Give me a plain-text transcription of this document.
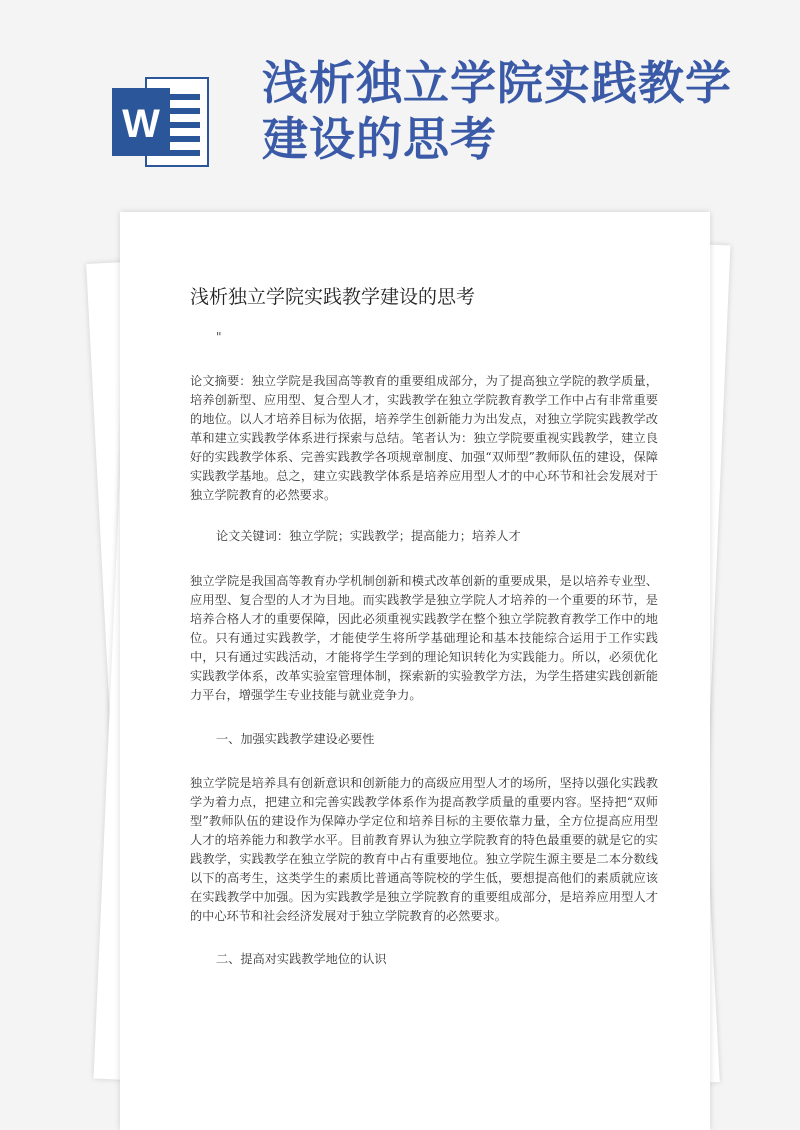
W
浅析独立学院实践教学
建设的思考
浅析独立学院实践教学建设的思考
"

论文摘要：独立学院是我国高等教育的重要组成部分，为了提高独立学院的教学质量，培养创新型、应用型、复合型人才，实践教学在独立学院教育教学工作中占有非常重要的地位。以人才培养目标为依据，培养学生创新能力为出发点，对独立学院实践教学改革和建立实践教学体系进行探索与总结。笔者认为：独立学院要重视实践教学，建立良好的实践教学体系、完善实践教学各项规章制度、加强“双师型”教师队伍的建设，保障实践教学基地。总之，建立实践教学体系是培养应用型人才的中心环节和社会发展对于独立学院教育的必然要求。

论文关键词：独立学院；实践教学；提高能力；培养人才

独立学院是我国高等教育办学机制创新和模式改革创新的重要成果，是以培养专业型、应用型、复合型的人才为目地。而实践教学是独立学院人才培养的一个重要的环节，是培养合格人才的重要保障，因此必须重视实践教学在整个独立学院教育教学工作中的地位。只有通过实践教学，才能使学生将所学基础理论和基本技能综合运用于工作实践中，只有通过实践活动，才能将学生学到的理论知识转化为实践能力。所以，必须优化实践教学体系，改革实验室管理体制，探索新的实验教学方法，为学生搭建实践创新能力平台，增强学生专业技能与就业竞争力。

一、加强实践教学建设必要性

独立学院是培养具有创新意识和创新能力的高级应用型人才的场所，坚持以强化实践教学为着力点，把建立和完善实践教学体系作为提高教学质量的重要内容。坚持把“双师型”教师队伍的建设作为保障办学定位和培养目标的主要依靠力量，全方位提高应用型人才的培养能力和教学水平。目前教育界认为独立学院教育的特色最重要的就是它的实践教学，实践教学在独立学院的教育中占有重要地位。独立学院生源主要是二本分数线以下的高考生，这类学生的素质比普通高等院校的学生低，要想提高他们的素质就应该在实践教学中加强。因为实践教学是独立学院教育的重要组成部分，是培养应用型人才的中心环节和社会经济发展对于独立学院教育的必然要求。

二、提高对实践教学地位的认识
